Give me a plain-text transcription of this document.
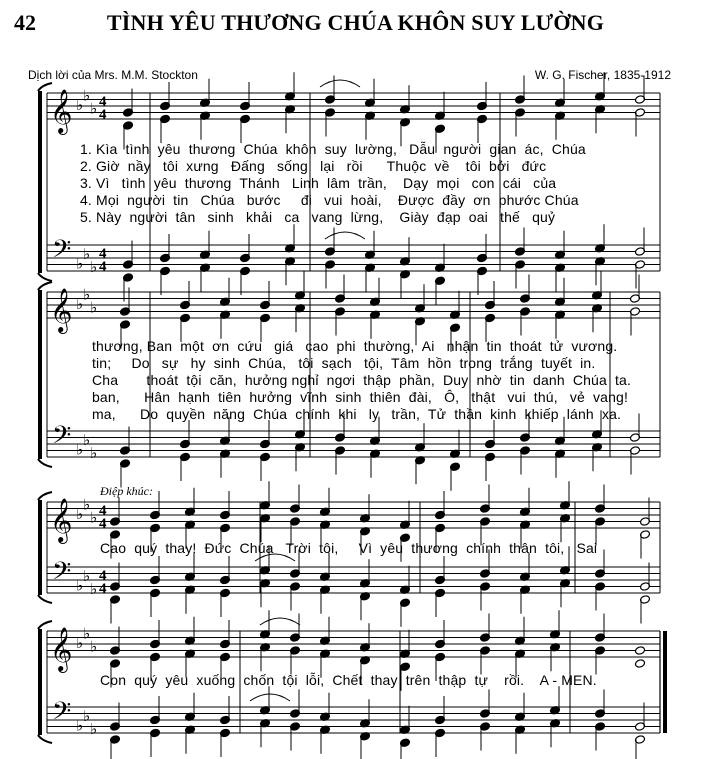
42	TÌNH YÊU THƯƠNG CHÚA KHÔN SUY LƯỜNG
Dịch lời của Mrs. M.M. Stockton	W. G. Fischer, 1835-1912
𝄞 ♭
♭
♭ 4
4
𝄢 ♭
♭
♭
4
4
𝄞 ♭
♭
♭
𝄢 ♭
♭
♭
𝄞 ♭
♭
♭ 4
4
𝄢 ♭
♭
♭
4
4
𝄞 ♭
♭
♭
𝄢 ♭
♭
♭
1. Kìa  tình  yêu  thương  Chúa  khôn  suy  lường,   Dẫu  người  gian  ác,  Chúa
2. Giờ  nầy   tôi  xưng   Đấng   sống   lại   rồi      Thuộc  về    tôi  bởi   đức
3. Vì   tình  yêu  thương  Thánh   Linh  lâm  trần,    Dạy  mọi   con  cái   của
4. Mọi  người  tin   Chúa   bước     đi   vui  hoài,    Được  đầy  ơn  phước Chúa
5. Này  người  tân   sinh   khải   ca   vang  lừng,    Giày  đạp  oai   thế   quỷ
thương, Ban  một  ơn  cứu   giá   cao  phi  thường,  Ai   nhận  tin  thoát  tử  vương.
tin;     Do   sự   hy  sinh  Chúa,   tôi  sạch   tội,  Tâm  hồn  trong  trắng  tuyết  in.
Cha       thoát  tội  căn,  hưởng nghỉ  ngơi  thập  phần,  Duy  nhờ  tin  danh  Chúa  ta.
ban,      Hân  hạnh  tiên  hưởng  vĩnh  sinh  thiên  đài,   Ô,   thật   vui  thú,   vẻ  vang!
ma,      Do  quyền  năng  Chúa  chính  khi   ly   trần,  Tử  thần  kinh  khiếp  lánh  xa.
Điệp khúc:
Cao  quý  thay!  Đức  Chúa   Trời  tôi,     Vì  yêu  thương  chính  thân  tôi,   Sai
Con  quý  yêu  xuống  chốn  tội  lỗi,  Chết  thay  trên  thập  tự    rồi.    A - MEN.
